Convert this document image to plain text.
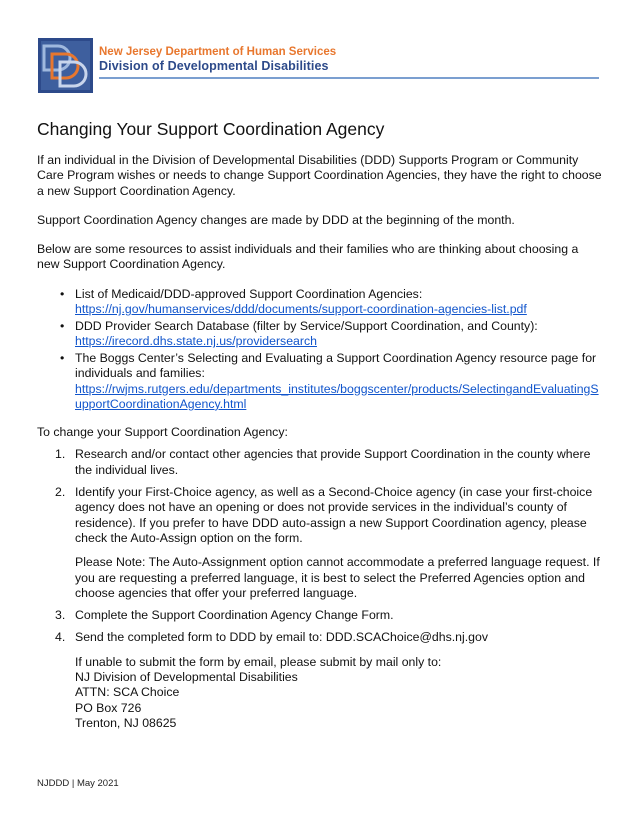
New Jersey Department of Human Services
Division of Developmental Disabilities
Changing Your Support Coordination Agency

If an individual in the Division of Developmental Disabilities (DDD) Supports Program or Community Care Program wishes or needs to change Support Coordination Agencies, they have the right to choose a new Support Coordination Agency.

Support Coordination Agency changes are made by DDD at the beginning of the month.

Below are some resources to assist individuals and their families who are thinking about choosing a new Support Coordination Agency.

• List of Medicaid/DDD-approved Support Coordination Agencies:
https://nj.gov/humanservices/ddd/documents/support-coordination-agencies-list.pdf
• DDD Provider Search Database (filter by Service/Support Coordination, and County):
https://irecord.dhs.state.nj.us/providersearch
• The Boggs Center’s Selecting and Evaluating a Support Coordination Agency resource page for individuals and families:
https://rwjms.rutgers.edu/departments_institutes/boggscenter/products/SelectingandEvaluatingSupportCoordinationAgency.html
To change your Support Coordination Agency:
1. Research and/or contact other agencies that provide Support Coordination in the county where the individual lives.
2. Identify your First-Choice agency, as well as a Second-Choice agency (in case your first-choice agency does not have an opening or does not provide services in the individual’s county of residence). If you prefer to have DDD auto-assign a new Support Coordination agency, please check the Auto-Assign option on the form.
Please Note: The Auto-Assignment option cannot accommodate a preferred language request. If you are requesting a preferred language, it is best to select the Preferred Agencies option and choose agencies that offer your preferred language.
3. Complete the Support Coordination Agency Change Form.
4. Send the completed form to DDD by email to: DDD.SCAChoice@dhs.nj.gov
If unable to submit the form by email, please submit by mail only to:
NJ Division of Developmental Disabilities
ATTN: SCA Choice
PO Box 726
Trenton, NJ 08625
NJDDD | May 2021
